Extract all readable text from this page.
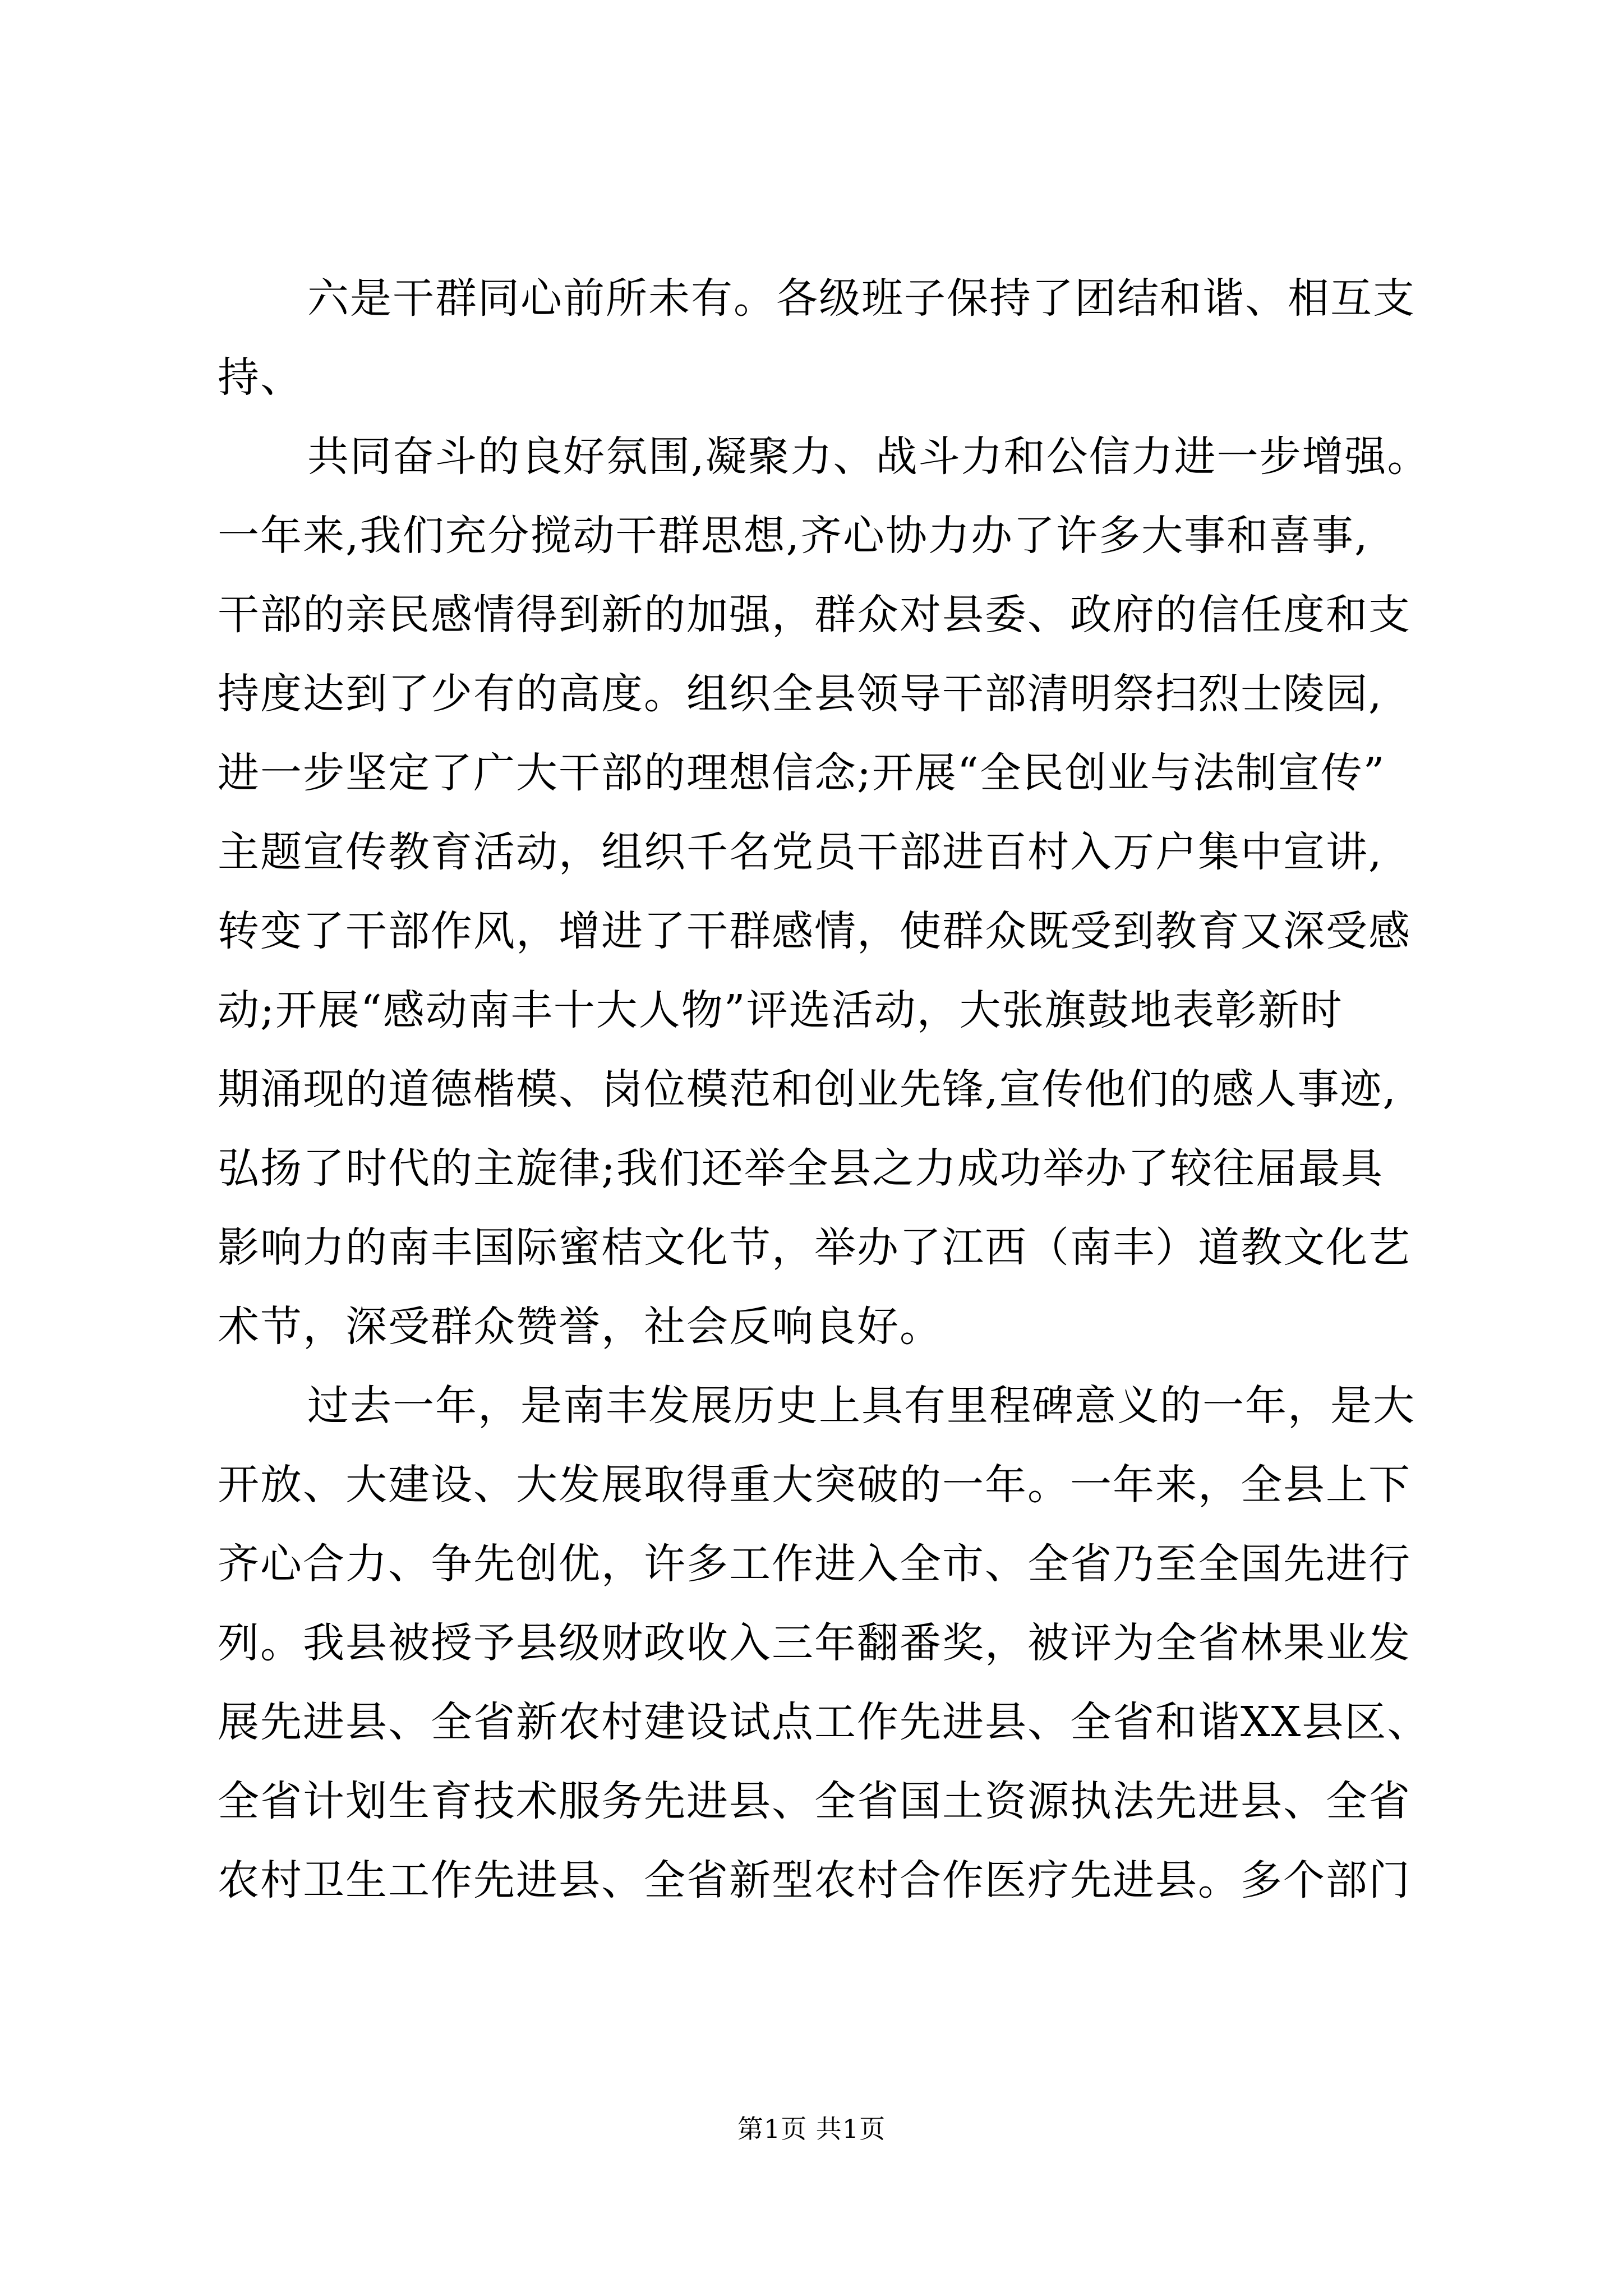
六是干群同心前所未有。各级班子保持了团结和谐、相互支
持、
共同奋斗的良好氛围,凝聚力、战斗力和公信力进一步增强。
一年来,我们充分搅动干群思想,齐心协力办了许多大事和喜事,
干部的亲民感情得到新的加强，群众对县委、政府的信任度和支
持度达到了少有的高度。组织全县领导干部清明祭扫烈士陵园,
进一步坚定了广大干部的理想信念;开展“全民创业与法制宣传”
主题宣传教育活动，组织千名党员干部进百村入万户集中宣讲,
转变了干部作风，增进了干群感情，使群众既受到教育又深受感
动;开展“感动南丰十大人物”评选活动，大张旗鼓地表彰新时
期涌现的道德楷模、岗位模范和创业先锋,宣传他们的感人事迹,
弘扬了时代的主旋律;我们还举全县之力成功举办了较往届最具
影响力的南丰国际蜜桔文化节，举办了江西（南丰）道教文化艺
术节，深受群众赞誉，社会反响良好。
过去一年，是南丰发展历史上具有里程碑意义的一年，是大
开放、大建设、大发展取得重大突破的一年。一年来，全县上下
齐心合力、争先创优，许多工作进入全市、全省乃至全国先进行
列。我县被授予县级财政收入三年翻番奖，被评为全省林果业发
展先进县、全省新农村建设试点工作先进县、全省和谐XX县区、
全省计划生育技术服务先进县、全省国土资源执法先进县、全省
农村卫生工作先进县、全省新型农村合作医疗先进县。多个部门
第1页 共1页
